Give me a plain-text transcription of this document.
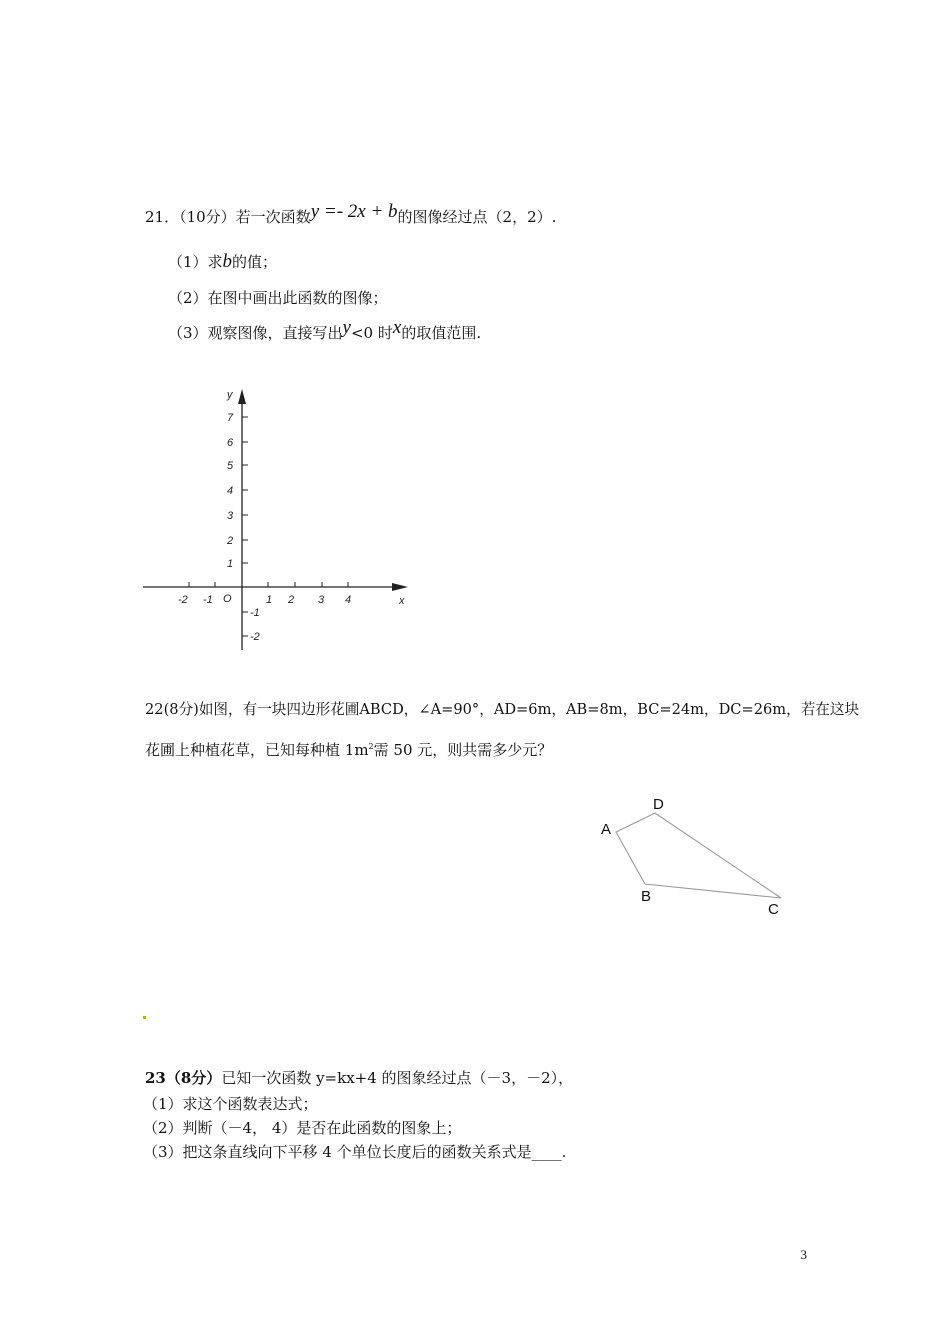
21．（10分）若一次函数y =- 2x + b的图像经过点（2，2）.
（1）求b的值；
（2）在图中画出此函数的图像；
（3）观察图像，直接写出y<0 时x的取值范围.
x
y
O
-2 -1	1 2 3 4
7
6
5
4
3
2
1
-1
-2
22(8分)如图，有一块四边形花圃ABCD，∠A=90°，AD=6m，AB=8m，BC=24m，DC=26m，若在这块
花圃上种植花草，已知每种植 $1m^2$需 50 元，则共需多少元？
A
D
B
C
23（8分）已知一次函数 y=kx+4 的图象经过点（－3，－2），
（1）求这个函数表达式；
（2）判断（－4， 4）是否在此函数的图象上；
（3）把这条直线向下平移 4 个单位长度后的函数关系式是____.
3
